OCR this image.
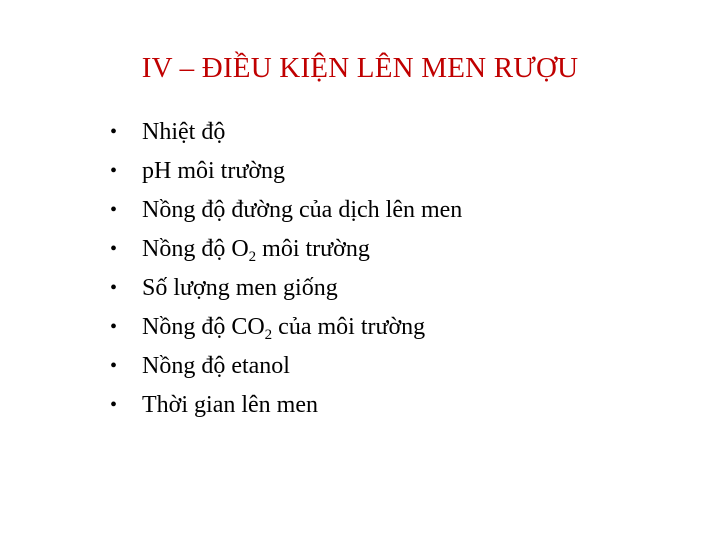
IV – ĐIỀU KIỆN LÊN MEN RƯỢU
•	Nhiệt độ
•	pH môi trường
•	Nồng độ đường của dịch lên men
•	Nồng độ $O_2$ môi trường
•	Số lượng men giống
•	Nồng độ $CO_2$ của môi trường
•	Nồng độ etanol
•	Thời gian lên men
